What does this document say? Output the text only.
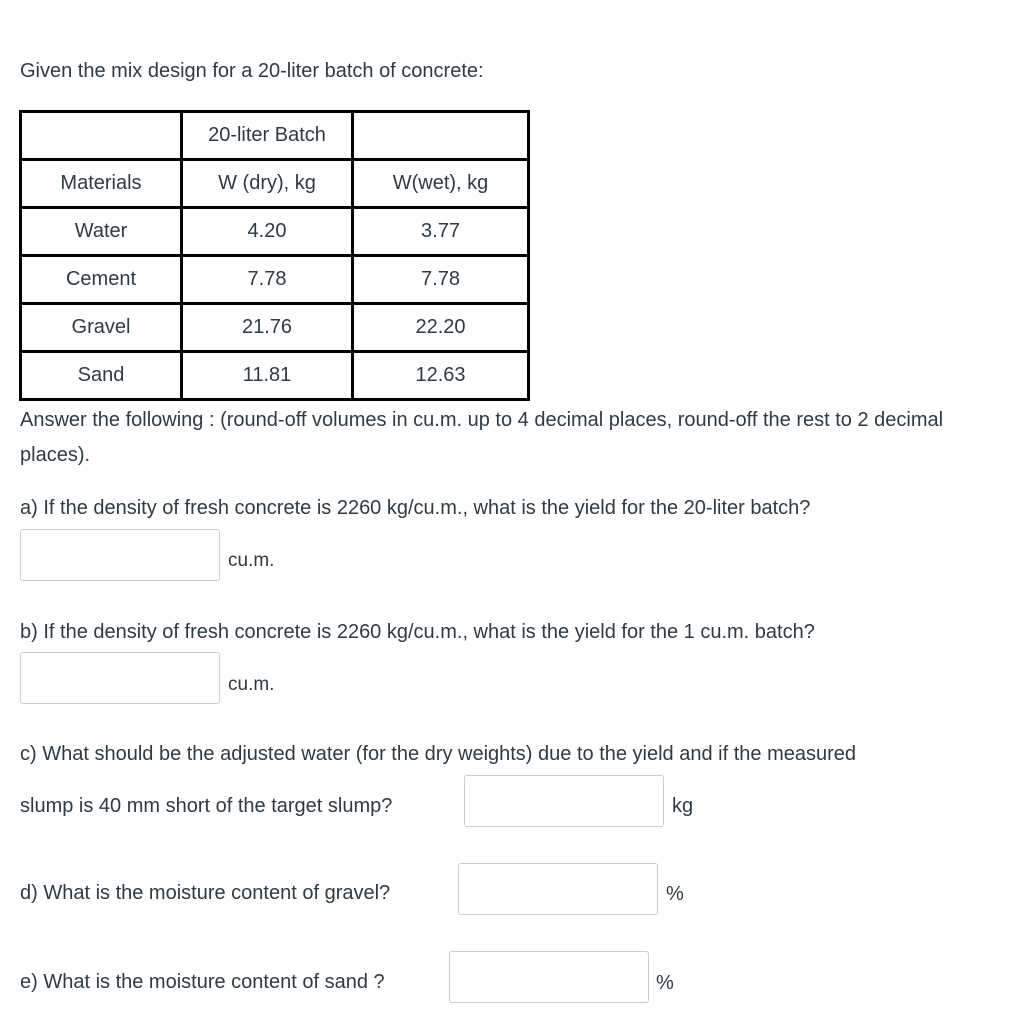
Given the mix design for a 20-liter batch of concrete:
	20-liter Batch	
Materials	W (dry), kg	W(wet), kg
Water	4.20	3.77
Cement	7.78	7.78
Gravel	21.76	22.20
Sand	11.81	12.63
Answer the following : (round-off volumes in cu.m. up to 4 decimal places, round-off the rest to 2 decimal places).
a) If the density of fresh concrete is 2260 kg/cu.m., what is the yield for the 20-liter batch?
cu.m.
b) If the density of fresh concrete is 2260 kg/cu.m., what is the yield for the 1 cu.m. batch?
cu.m.
c) What should be the adjusted water (for the dry weights) due to the yield and if the measured
slump is 40 mm short of the target slump?	kg
d) What is the moisture content of gravel?	%
e) What is the moisture content of sand ?	%
